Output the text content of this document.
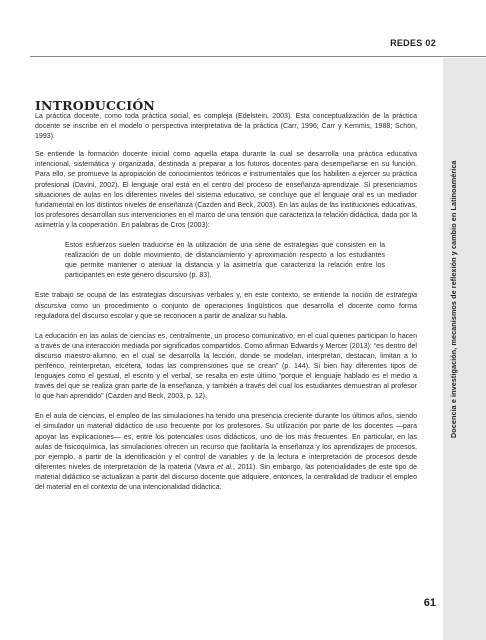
REDES 02
Docencia e investigación, mecanismos de reflexión y cambio en Latinoamérica
INTRODUCCIÓN

La práctica docente, como toda práctica social, es compleja (Edelstein, 2003). Esta conceptualización de la práctica docente se inscribe en el modelo o perspectiva interpretativa de la práctica (Carr, 1996; Carr y Kemmis, 1988; Schön, 1993).

Se entiende la formación docente inicial como aquella etapa durante la cual se desarrolla una práctica educativa intencional, sistemática y organizada, destinada a preparar a los futuros docentes para desempeñarse en su función. Para ello, se promueve la apropiación de conocimientos teóricos e instrumentales que los habiliten a ejercer su práctica profesional (Davini, 2002). El lenguaje oral está en el centro del proceso de enseñanza-aprendizaje. Si presenciamos situaciones de aulas en los diferentes niveles del sistema educativo, se concluye que el lenguaje oral es un mediador fundamental en los distintos niveles de enseñanza (Cazden and Beck, 2003). En las aulas de las instituciones educativas, los profesores desarrollan sus intervenciones en el marco de una tensión que caracteriza la relación didáctica, dada por la asimetría y la cooperación. En palabras de Cros (2003):

Estos esfuerzos suelen traducirse en la utilización de una serie de estrategias que consisten en la realización de un doble movimiento, de distanciamiento y aproximación respecto a los estudiantes que permite mantener o atenuar la distancia y la asimetría que caracteriza la relación entre los participantes en este género discursivo (p. 83).

Este trabajo se ocupa de las estrategias discursivas verbales y, en este contexto, se entiende la noción de estrategia discursiva como un procedimiento o conjunto de operaciones lingüísticos que desarrolla el docente como forma reguladora del discurso escolar y que se reconocen a partir de analizar su habla.

La educación en las aulas de ciencias es, centralmente, un proceso comunicativo, en el cual quienes participan lo hacen a través de una interacción mediada por significados compartidos. Como afirman Edwards y Mercer (2013): “es dentro del discurso maestro-alumno, en el cual se desarrolla la lección, donde se modelan, interpretan, destacan, limitan a lo periférico, reinterpretan, etcétera, todas las comprensiones que se crean” (p. 144). Si bien hay diferentes tipos de lenguajes como el gestual, el escrito y el verbal, se resalta en este último “porque el lenguaje hablado es el medio a través del que se realiza gran parte de la enseñanza, y también a través del cual los estudiantes demuestran al profesor lo que han aprendido” (Cazden and Beck, 2003, p. 12).

En el aula de ciencias, el empleo de las simulaciones ha tenido una presencia creciente durante los últimos años, siendo el simulador un material didáctico de uso frecuente por los profesores. Su utilización por parte de los docentes —para apoyar las explicaciones— es, entre los potenciales usos didácticos, uno de los más frecuentes. En particular, en las aulas de fisicoquímica, las simulaciones ofrecen un recurso que facilitaría la enseñanza y los aprendizajes de procesos, por ejemplo, a partir de la identificación y el control de variables y de la lectura e interpretación de procesos desde diferentes niveles de interpretación de la materia (Vavra et al., 2011). Sin embargo, las potencialidades de este tipo de material didáctico se actualizan a partir del discurso docente que adquiere, entonces, la centralidad de traducir el empleo del material en el contexto de una intencionalidad didáctica.

61
